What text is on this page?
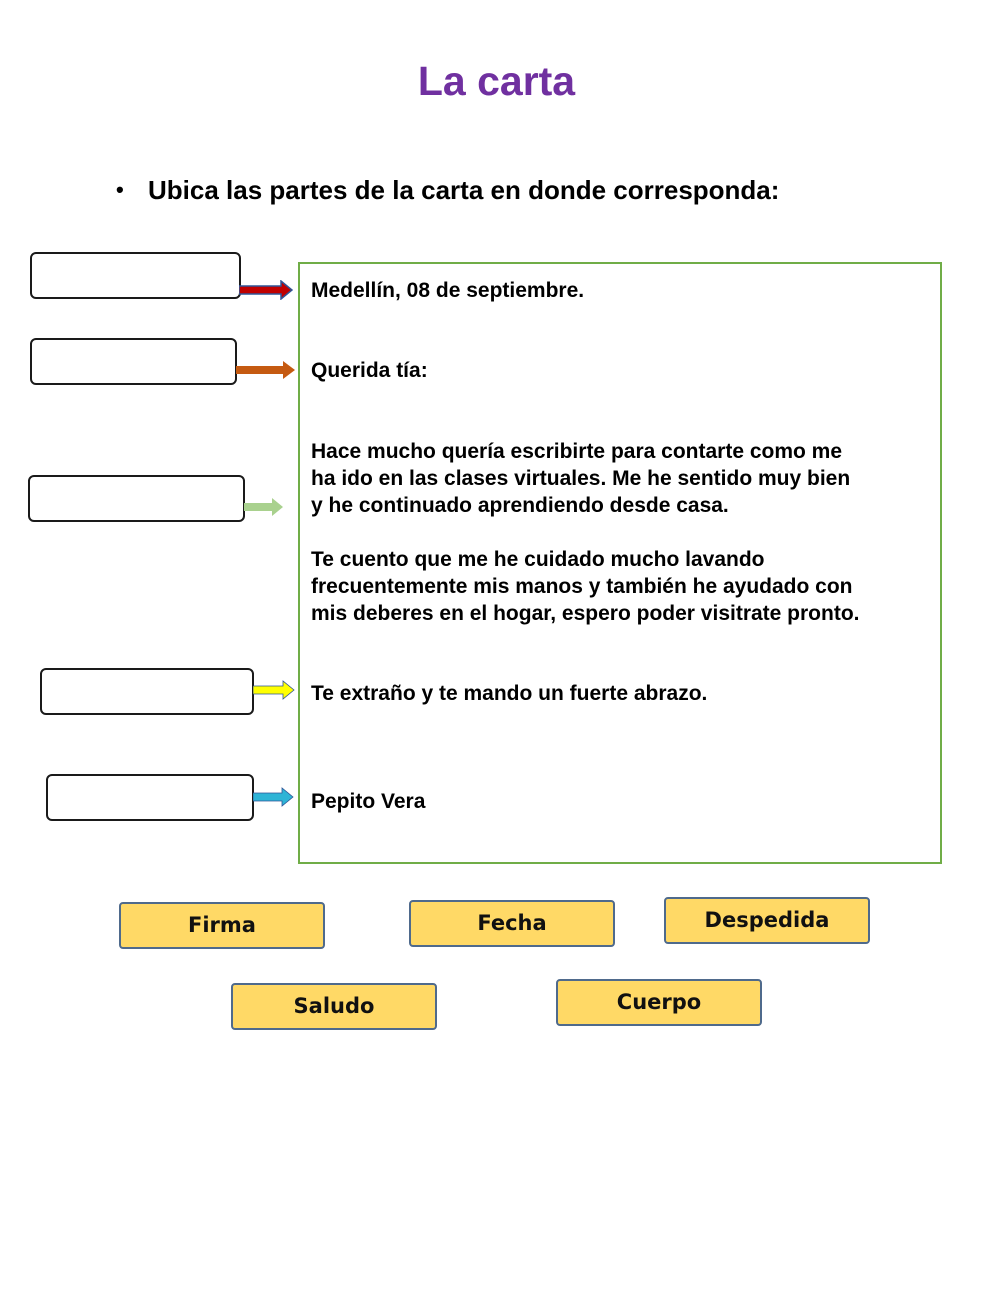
La carta
• Ubica las partes de la carta en donde corresponda:
Medellín, 08 de septiembre.
Querida tía:
Hace mucho quería escribirte para contarte como me
ha ido en las clases virtuales. Me he sentido muy bien
y he continuado aprendiendo desde casa.
Te cuento que me he cuidado mucho lavando
frecuentemente mis manos y también he ayudado con
mis deberes en el hogar, espero poder visitrate pronto.
Te extraño y te mando un fuerte abrazo.
Pepito Vera
Firma	Fecha	Despedida
Saludo	Cuerpo
